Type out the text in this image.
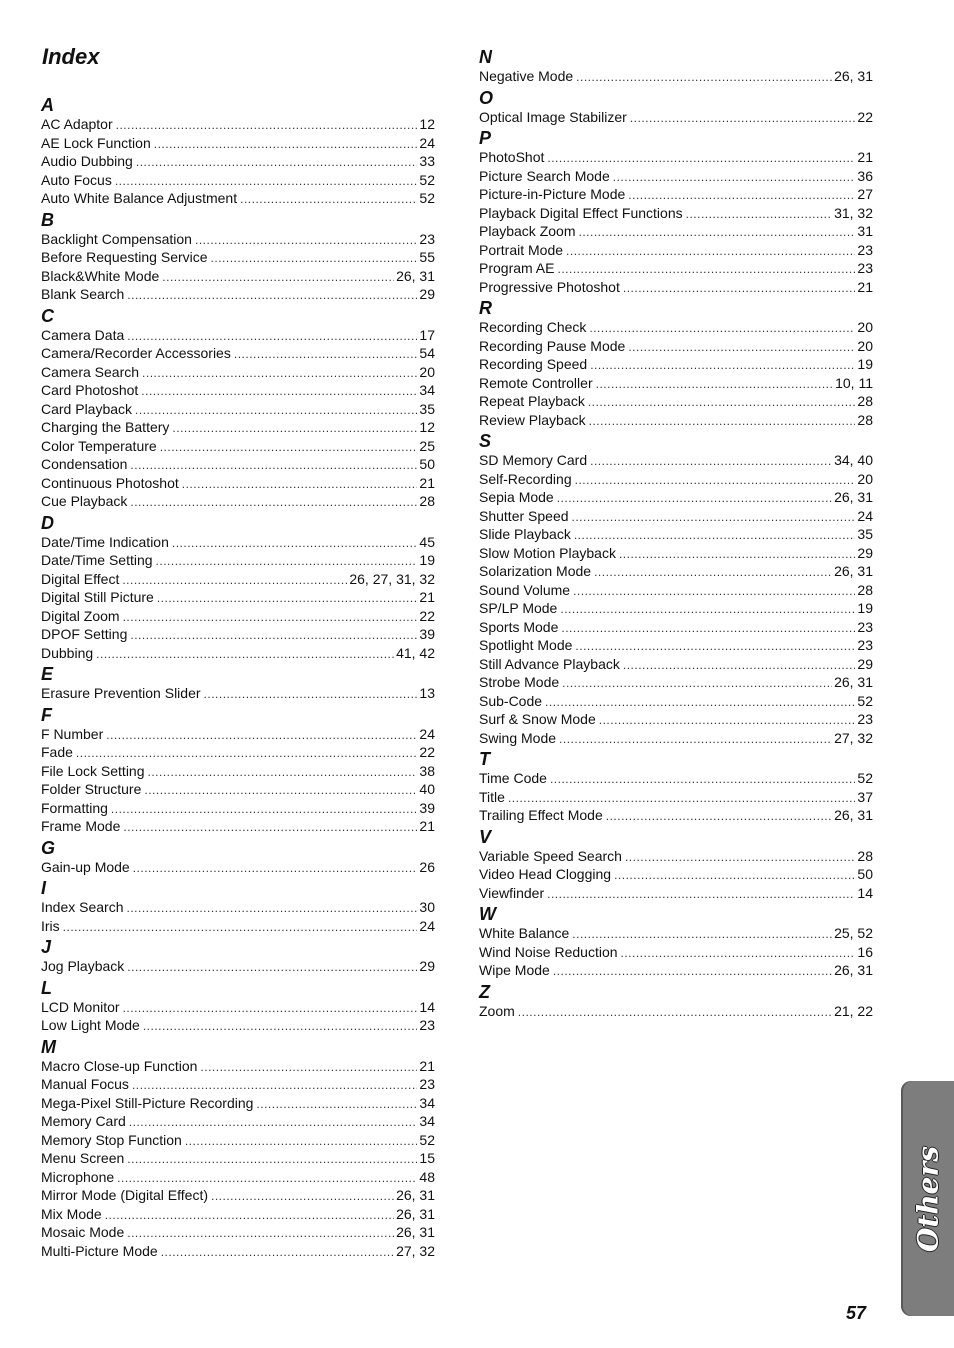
Index
A
AC Adaptor .....	12
AE Lock Function .....	24
Audio Dubbing .....	33
Auto Focus .....	52
Auto White Balance Adjustment .....	52
B
Backlight Compensation .....	23
Before Requesting Service .....	55
Black&White Mode .....	26, 31
Blank Search .....	29
C
Camera Data .....	17
Camera/Recorder Accessories .....	54
Camera Search .....	20
Card Photoshot .....	34
Card Playback .....	35
Charging the Battery .....	12
Color Temperature .....	25
Condensation .....	50
Continuous Photoshot .....	21
Cue Playback .....	28
D
Date/Time Indication .....	45
Date/Time Setting .....	19
Digital Effect .....	26, 27, 31, 32
Digital Still Picture .....	21
Digital Zoom .....	22
DPOF Setting .....	39
Dubbing .....	41, 42
E
Erasure Prevention Slider .....	13
F
F Number .....	24
Fade .....	22
File Lock Setting .....	38
Folder Structure .....	40
Formatting .....	39
Frame Mode .....	21
G
Gain-up Mode .....	26
I
Index Search .....	30
Iris .....	24
J
Jog Playback .....	29
L
LCD Monitor .....	14
Low Light Mode .....	23
M
Macro Close-up Function .....	21
Manual Focus .....	23
Mega-Pixel Still-Picture Recording .....	34
Memory Card .....	34
Memory Stop Function .....	52
Menu Screen .....	15
Microphone .....	48
Mirror Mode (Digital Effect) .....	26, 31
Mix Mode .....	26, 31
Mosaic Mode .....	26, 31
Multi-Picture Mode .....	27, 32
N
Negative Mode .....	26, 31
O
Optical Image Stabilizer .....	22
P
PhotoShot .....	21
Picture Search Mode .....	36
Picture-in-Picture Mode .....	27
Playback Digital Effect Functions .....	31, 32
Playback Zoom .....	31
Portrait Mode .....	23
Program AE .....	23
Progressive Photoshot .....	21
R
Recording Check .....	20
Recording Pause Mode .....	20
Recording Speed .....	19
Remote Controller .....	10, 11
Repeat Playback .....	28
Review Playback .....	28
S
SD Memory Card .....	34, 40
Self-Recording .....	20
Sepia Mode .....	26, 31
Shutter Speed .....	24
Slide Playback .....	35
Slow Motion Playback .....	29
Solarization Mode .....	26, 31
Sound Volume .....	28
SP/LP Mode .....	19
Sports Mode .....	23
Spotlight Mode .....	23
Still Advance Playback .....	29
Strobe Mode .....	26, 31
Sub-Code .....	52
Surf & Snow Mode .....	23
Swing Mode .....	27, 32
T
Time Code .....	52
Title .....	37
Trailing Effect Mode .....	26, 31
V
Variable Speed Search .....	28
Video Head Clogging .....	50
Viewfinder .....	14
W
White Balance .....	25, 52
Wind Noise Reduction .....	16
Wipe Mode .....	26, 31
Z
Zoom .....	21, 22
Others
57
